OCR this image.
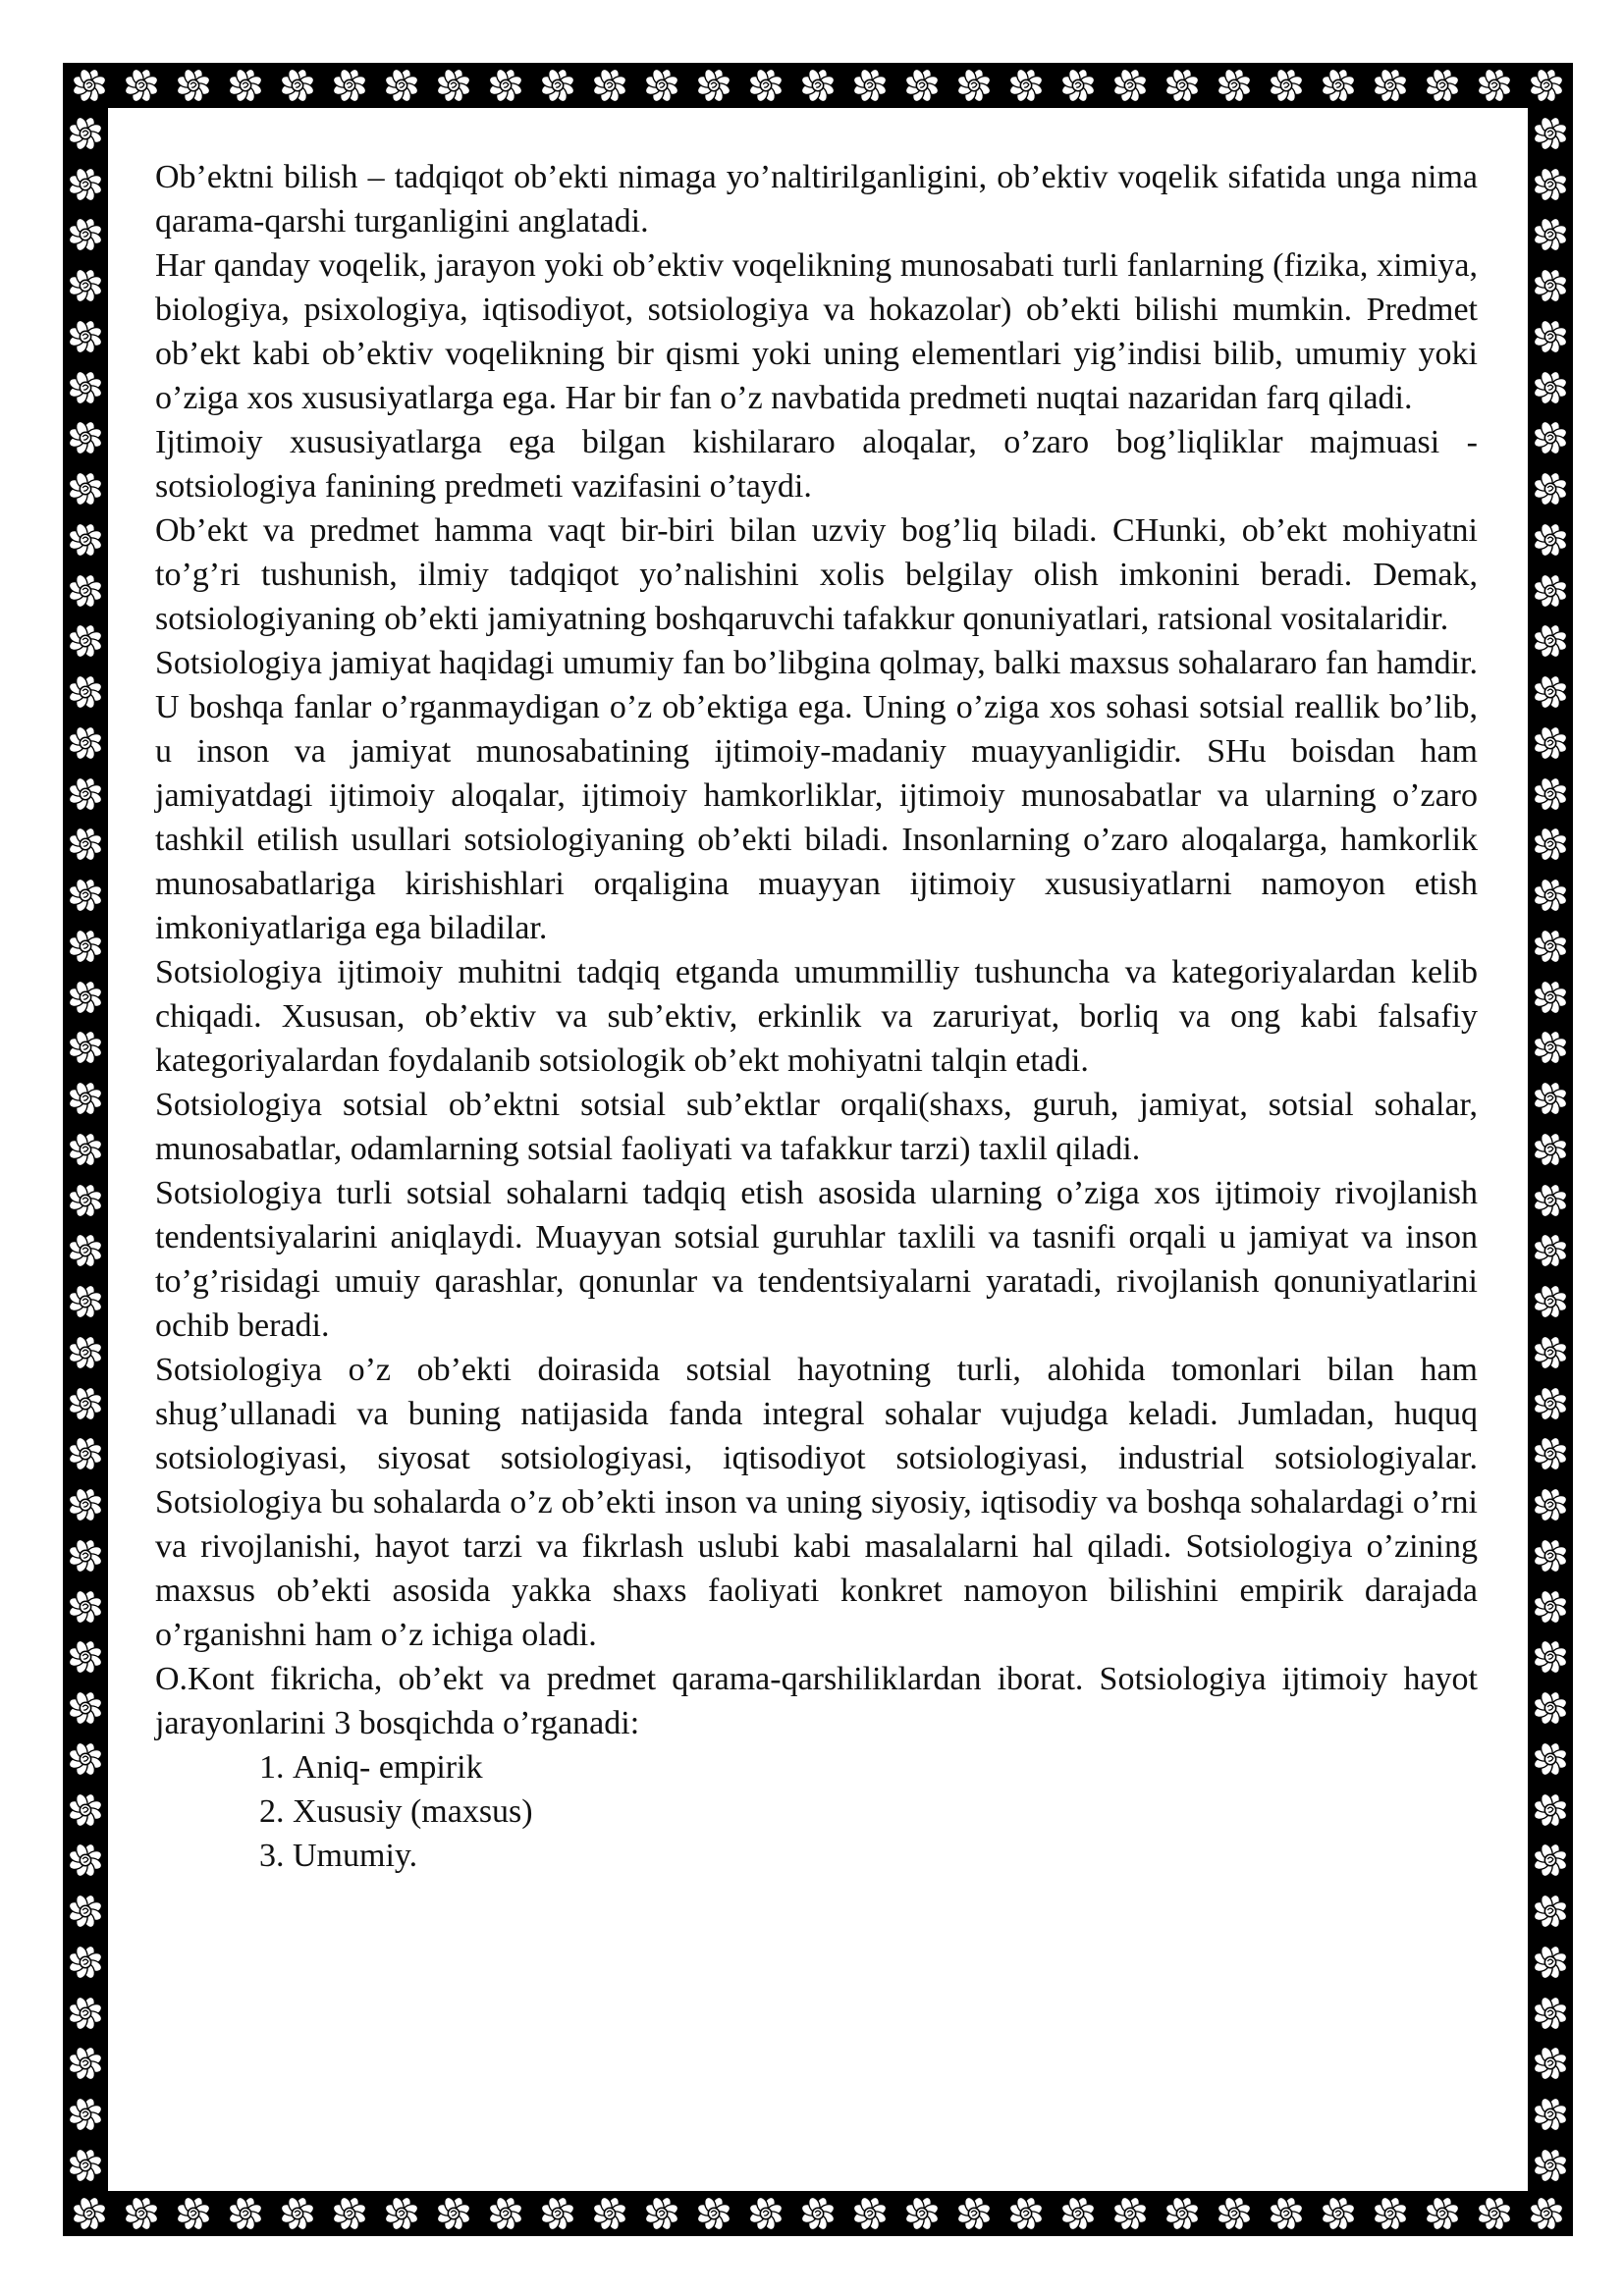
Ob’ektni bilish – tadqiqot ob’ekti nimaga yo’naltirilganligini, ob’ektiv voqelik sifatida unga nima qarama-qarshi turganligini anglatadi.

Har qanday voqelik, jarayon yoki ob’ektiv voqelikning munosabati turli fanlarning (fizika, ximiya, biologiya, psixologiya, iqtisodiyot, sotsiologiya va hokazolar) ob’ekti bilishi mumkin. Predmet ob’ekt kabi ob’ektiv voqelikning bir qismi yoki uning elementlari yig’indisi bilib, umumiy yoki o’ziga xos xususiyatlarga ega. Har bir fan o’z navbatida predmeti nuqtai nazaridan farq qiladi.

Ijtimoiy xususiyatlarga ega bilgan kishilararo aloqalar, o’zaro bog’liqliklar majmuasi - sotsiologiya fanining predmeti vazifasini o’taydi.

Ob’ekt va predmet hamma vaqt bir-biri bilan uzviy bog’liq biladi. CHunki, ob’ekt mohiyatni to’g’ri tushunish, ilmiy tadqiqot yo’nalishini xolis belgilay olish imkonini beradi. Demak, sotsiologiyaning ob’ekti jamiyatning boshqaruvchi tafakkur qonuniyatlari, ratsional vositalaridir.

Sotsiologiya jamiyat haqidagi umumiy fan bo’libgina qolmay, balki maxsus sohalararo fan hamdir. U boshqa fanlar o’rganmaydigan o’z ob’ektiga ega. Uning o’ziga xos sohasi sotsial reallik bo’lib, u inson va jamiyat munosabatining ijtimoiy-madaniy muayyanligidir. SHu boisdan ham jamiyatdagi ijtimoiy aloqalar, ijtimoiy hamkorliklar, ijtimoiy munosabatlar va ularning o’zaro tashkil etilish usullari sotsiologiyaning ob’ekti biladi. Insonlarning o’zaro aloqalarga, hamkorlik munosabatlariga kirishishlari orqaligina muayyan ijtimoiy xususiyatlarni namoyon etish imkoniyatlariga ega biladilar.

Sotsiologiya ijtimoiy muhitni tadqiq etganda umummilliy tushuncha va kategoriyalardan kelib chiqadi. Xususan, ob’ektiv va sub’ektiv, erkinlik va zaruriyat, borliq va ong kabi falsafiy kategoriyalardan foydalanib sotsiologik ob’ekt mohiyatni talqin etadi.

Sotsiologiya sotsial ob’ektni sotsial sub’ektlar orqali(shaxs, guruh, jamiyat, sotsial sohalar, munosabatlar, odamlarning sotsial faoliyati va tafakkur tarzi) taxlil qiladi.

Sotsiologiya turli sotsial sohalarni tadqiq etish asosida ularning o’ziga xos ijtimoiy rivojlanish tendentsiyalarini aniqlaydi. Muayyan sotsial guruhlar taxlili va tasnifi orqali u jamiyat va inson to’g’risidagi umuiy qarashlar, qonunlar va tendentsiyalarni yaratadi, rivojlanish qonuniyatlarini ochib beradi.

Sotsiologiya o’z ob’ekti doirasida sotsial hayotning turli, alohida tomonlari bilan ham shug’ullanadi va buning natijasida fanda integral sohalar vujudga keladi. Jumladan, huquq sotsiologiyasi, siyosat sotsiologiyasi, iqtisodiyot sotsiologiyasi, industrial sotsiologiyalar. Sotsiologiya bu sohalarda o’z ob’ekti inson va uning siyosiy, iqtisodiy va boshqa sohalardagi o’rni va rivojlanishi, hayot tarzi va fikrlash uslubi kabi masalalarni hal qiladi. Sotsiologiya o’zining maxsus ob’ekti asosida yakka shaxs faoliyati konkret namoyon bilishini empirik darajada o’rganishni ham o’z ichiga oladi.

O.Kont fikricha, ob’ekt va predmet qarama-qarshiliklardan iborat. Sotsiologiya ijtimoiy hayot jarayonlarini 3 bosqichda o’rganadi:

1. Aniq- empirik
2. Xususiy (maxsus)
3. Umumiy.
